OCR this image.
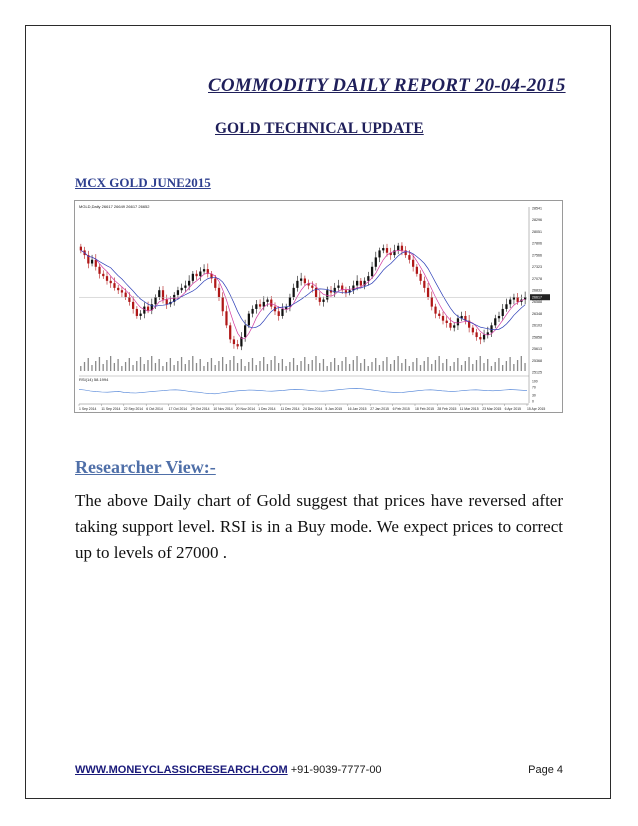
COMMODITY DAILY REPORT 20-04-2015
GOLD TECHNICAL UPDATE
MCX GOLD JUNE2015
MGLD,Daily 26617 26649 26617 26652
RSI(14) 58.1994
28541
28296
28051
27806
27566
27323
27078
26833
26588
26348
26103
25858
25613
25368
25125
26617
100
70
30
0
1 Sep 2014 11 Sep 2014 22 Sep 2014 6 Oct 2014 17 Oct 2014 29 Oct 2014 10 Nov 2014 20 Nov 2014 1 Dec 2014 11 Dec 2014 24 Dec 2014 5 Jan 2015 16 Jan 2015 27 Jan 2015 6 Feb 2015 18 Feb 2015 28 Feb 2015 11 Mar 2015 23 Mar 2015 6 Apr 2015 15 Apr 2015
Researcher View:-
The above Daily chart of Gold suggest that prices have reversed after taking support level. RSI is in a Buy mode. We expect prices to correct up to levels of 27000 .
WWW.MONEYCLASSICRESEARCH.COM +91-9039-7777-00	Page 4
